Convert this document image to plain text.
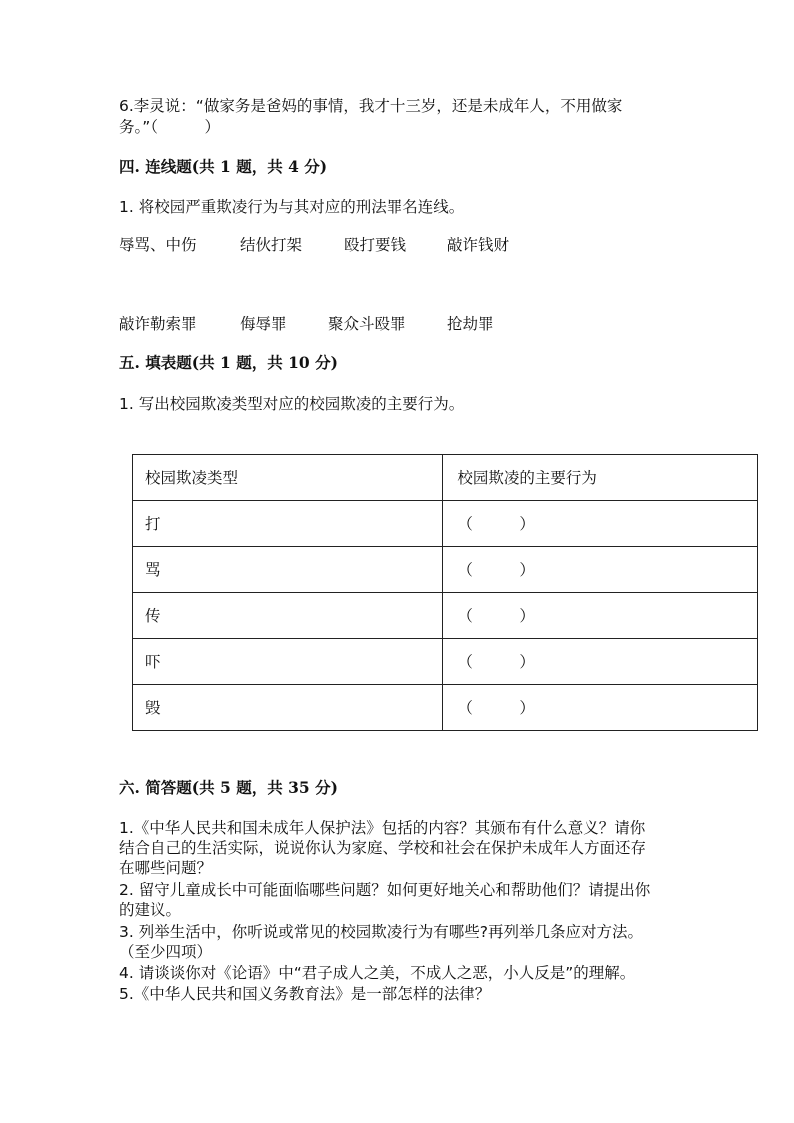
6.李灵说：“做家务是爸妈的事情，我才十三岁，还是未成年人，不用做家
务。”（　　　）
四. 连线题(共 1 题，共 4 分)
1. 将校园严重欺凌行为与其对应的刑法罪名连线。
辱骂、中伤	结伙打架	殴打要钱	敲诈钱财
敲诈勒索罪	侮辱罪	聚众斗殴罪	抢劫罪
五. 填表题(共 1 题，共 10 分)
1. 写出校园欺凌类型对应的校园欺凌的主要行为。
校园欺凌类型	校园欺凌的主要行为
打	（　　　）
骂	（　　　）
传	（　　　）
吓	（　　　）
毁	（　　　）
六. 简答题(共 5 题，共 35 分)
1.《中华人民共和国未成年人保护法》包括的内容？其颁布有什么意义？请你
结合自己的生活实际，说说你认为家庭、学校和社会在保护未成年人方面还存
在哪些问题？
2. 留守儿童成长中可能面临哪些问题？如何更好地关心和帮助他们？请提出你
的建议。
3. 列举生活中，你听说或常见的校园欺凌行为有哪些?再列举几条应对方法。
（至少四项）
4. 请谈谈你对《论语》中“君子成人之美，不成人之恶，小人反是”的理解。
5.《中华人民共和国义务教育法》是一部怎样的法律？
